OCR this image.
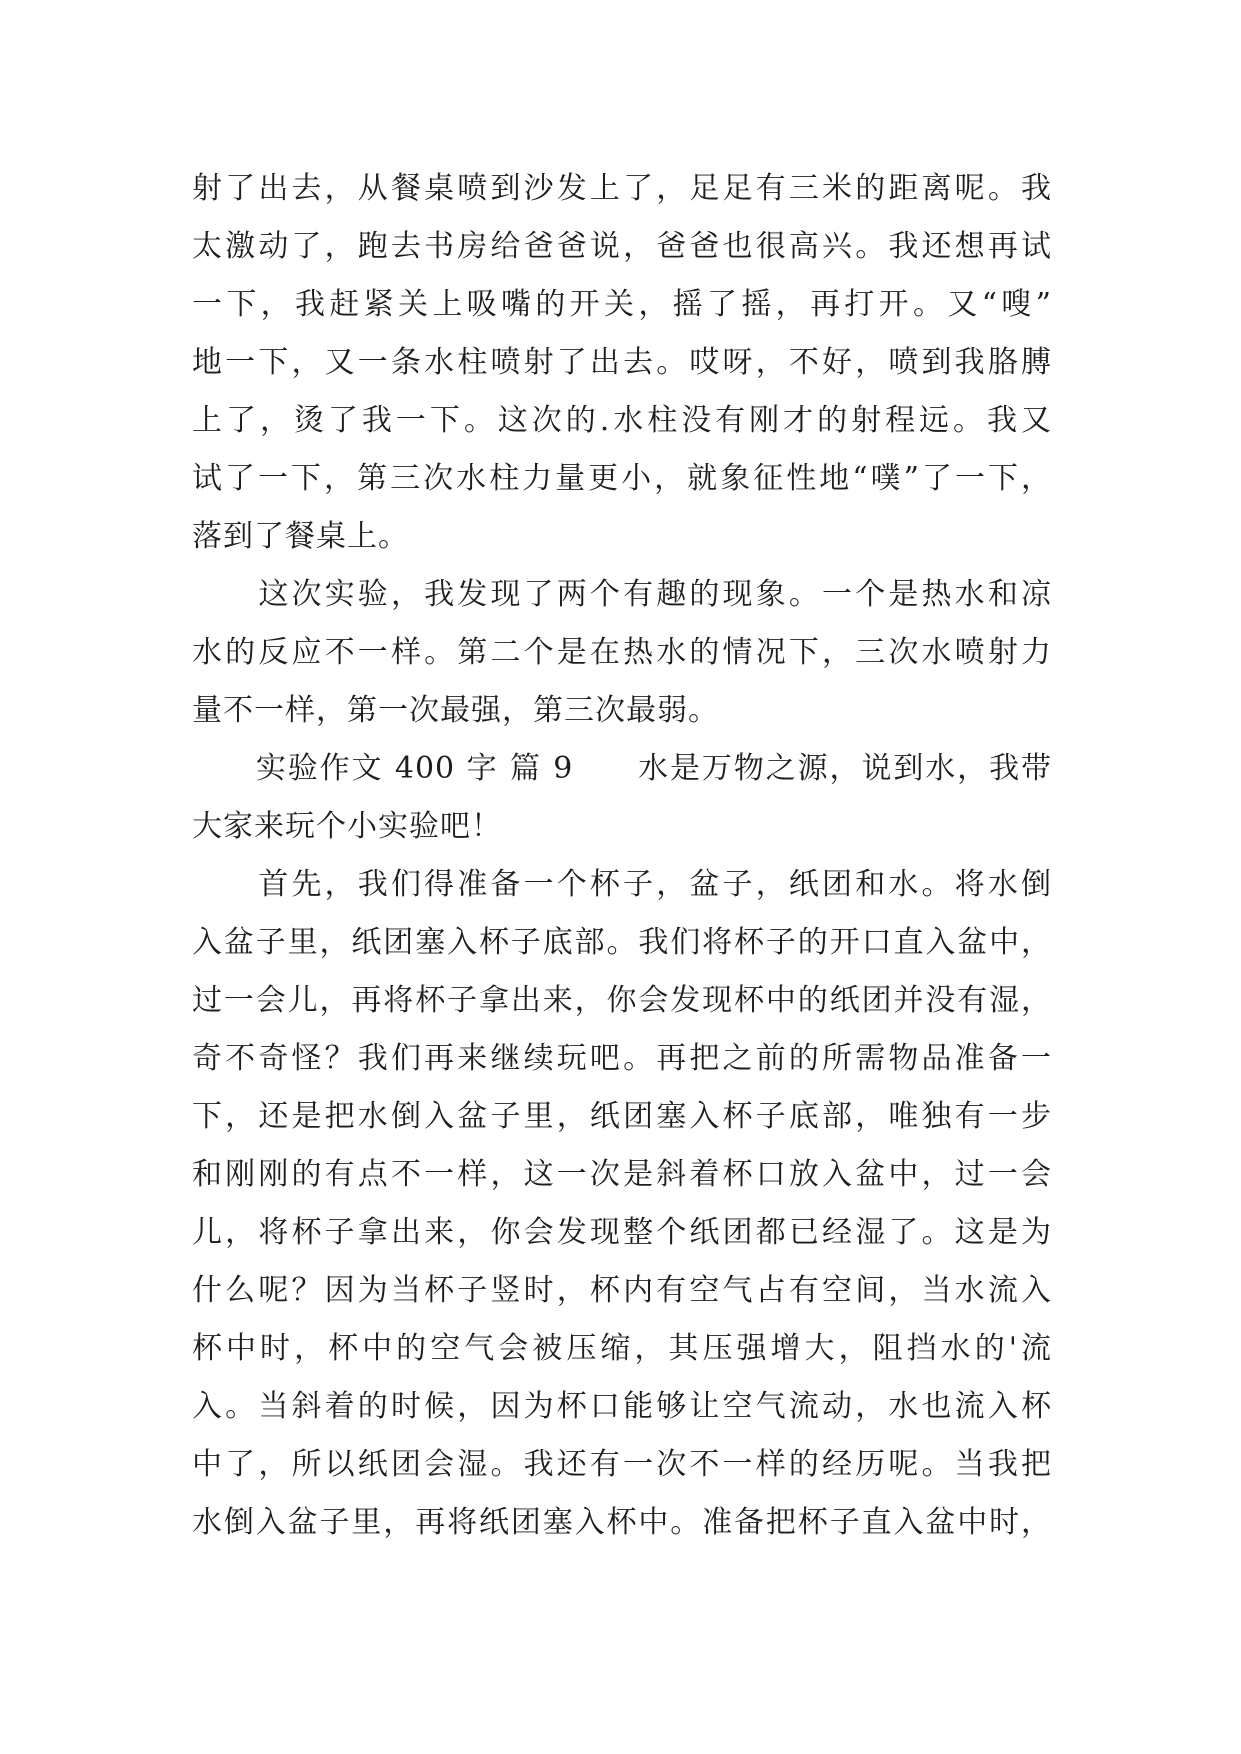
射了出去，从餐桌喷到沙发上了，足足有三米的距离呢。我
太激动了，跑去书房给爸爸说，爸爸也很高兴。我还想再试
一下，我赶紧关上吸嘴的开关，摇了摇，再打开。又“嗖”
地一下，又一条水柱喷射了出去。哎呀，不好，喷到我胳膊
上了，烫了我一下。这次的.水柱没有刚才的射程远。我又
试了一下，第三次水柱力量更小，就象征性地“噗”了一下，
落到了餐桌上。
　　这次实验，我发现了两个有趣的现象。一个是热水和凉
水的反应不一样。第二个是在热水的情况下，三次水喷射力
量不一样，第一次最强，第三次最弱。
　　实验作文 400 字 篇 9　　水是万物之源，说到水，我带
大家来玩个小实验吧！
　　首先，我们得准备一个杯子，盆子，纸团和水。将水倒
入盆子里，纸团塞入杯子底部。我们将杯子的开口直入盆中，
过一会儿，再将杯子拿出来，你会发现杯中的纸团并没有湿，
奇不奇怪？我们再来继续玩吧。再把之前的所需物品准备一
下，还是把水倒入盆子里，纸团塞入杯子底部，唯独有一步
和刚刚的有点不一样，这一次是斜着杯口放入盆中，过一会
儿，将杯子拿出来，你会发现整个纸团都已经湿了。这是为
什么呢？因为当杯子竖时，杯内有空气占有空间，当水流入
杯中时，杯中的空气会被压缩，其压强增大，阻挡水的'流
入。当斜着的时候，因为杯口能够让空气流动，水也流入杯
中了，所以纸团会湿。我还有一次不一样的经历呢。当我把
水倒入盆子里，再将纸团塞入杯中。准备把杯子直入盆中时，
